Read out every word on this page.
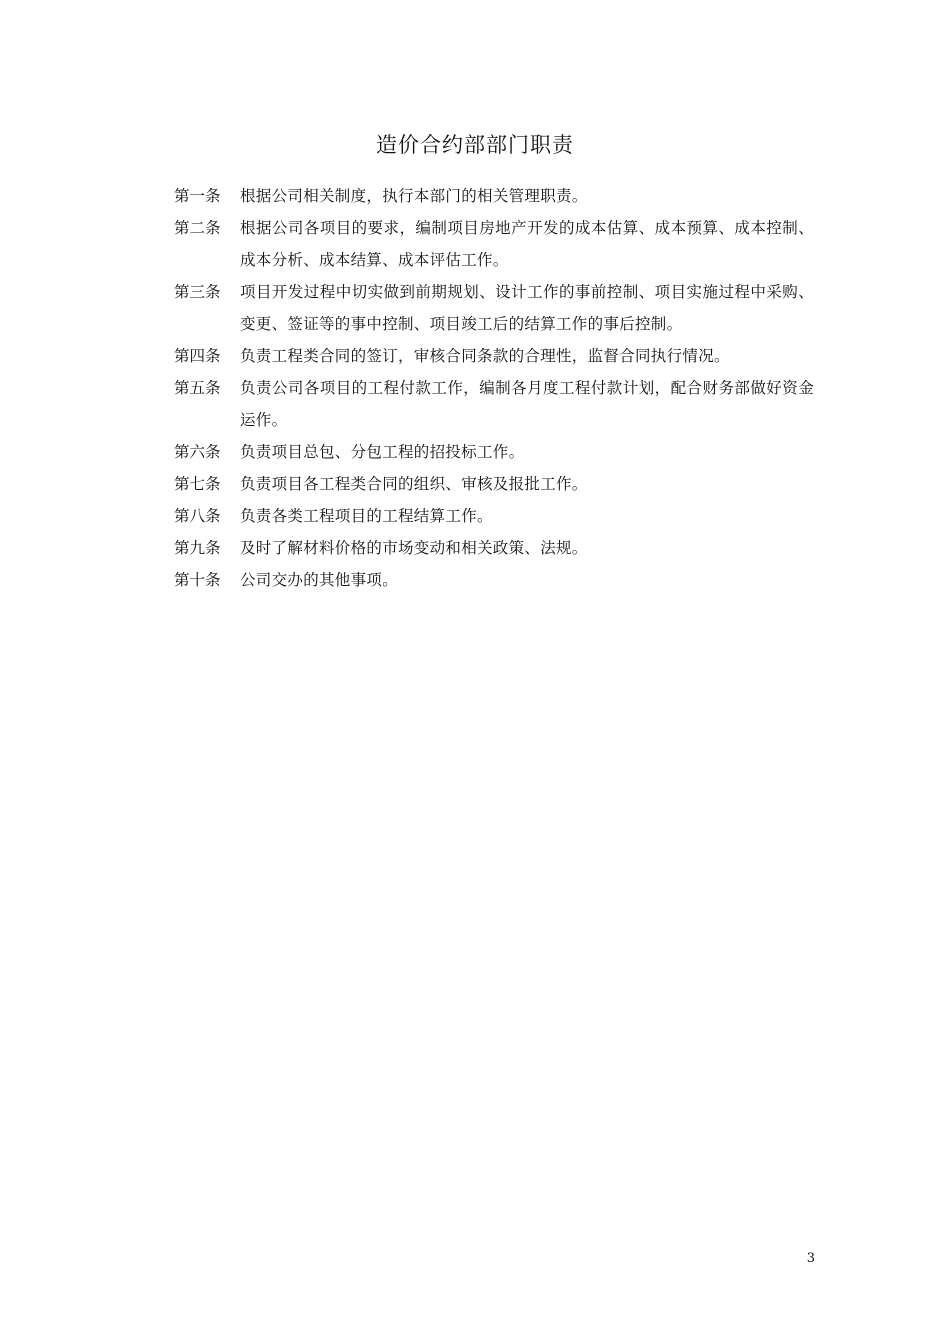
造价合约部部门职责
第一条	根据公司相关制度，执行本部门的相关管理职责。
第二条	根据公司各项目的要求，编制项目房地产开发的成本估算、成本预算、成本控制、成本分析、成本结算、成本评估工作。
第三条	项目开发过程中切实做到前期规划、设计工作的事前控制、项目实施过程中采购、变更、签证等的事中控制、项目竣工后的结算工作的事后控制。
第四条	负责工程类合同的签订，审核合同条款的合理性，监督合同执行情况。
第五条	负责公司各项目的工程付款工作，编制各月度工程付款计划，配合财务部做好资金运作。
第六条	负责项目总包、分包工程的招投标工作。
第七条	负责项目各工程类合同的组织、审核及报批工作。
第八条	负责各类工程项目的工程结算工作。
第九条	及时了解材料价格的市场变动和相关政策、法规。
第十条	公司交办的其他事项。
3
